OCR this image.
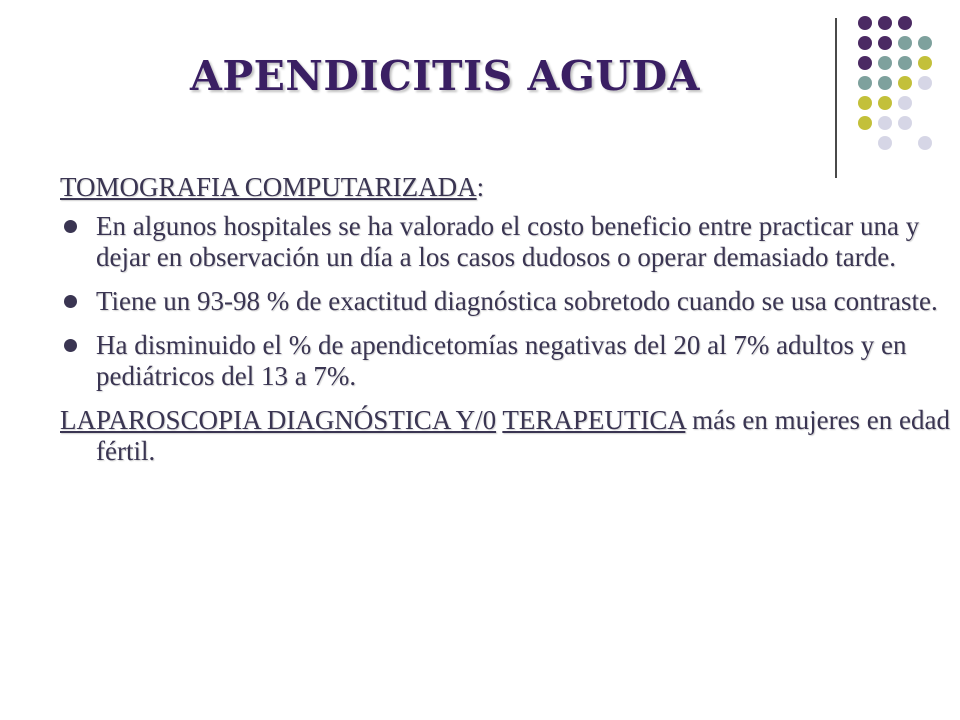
APENDICITIS AGUDA

TOMOGRAFIA COMPUTARIZADA:

En algunos hospitales se ha valorado el costo beneficio entre practicar una y dejar en observación un día a los casos dudosos o operar demasiado tarde.
Tiene un 93-98 % de exactitud diagnóstica sobretodo cuando se usa contraste.
Ha disminuido el % de apendicetomías negativas del 20 al 7% adultos y en pediátricos del 13 a 7%.

LAPAROSCOPIA DIAGNÓSTICA Y/0 TERAPEUTICA más en mujeres en edad fértil.
